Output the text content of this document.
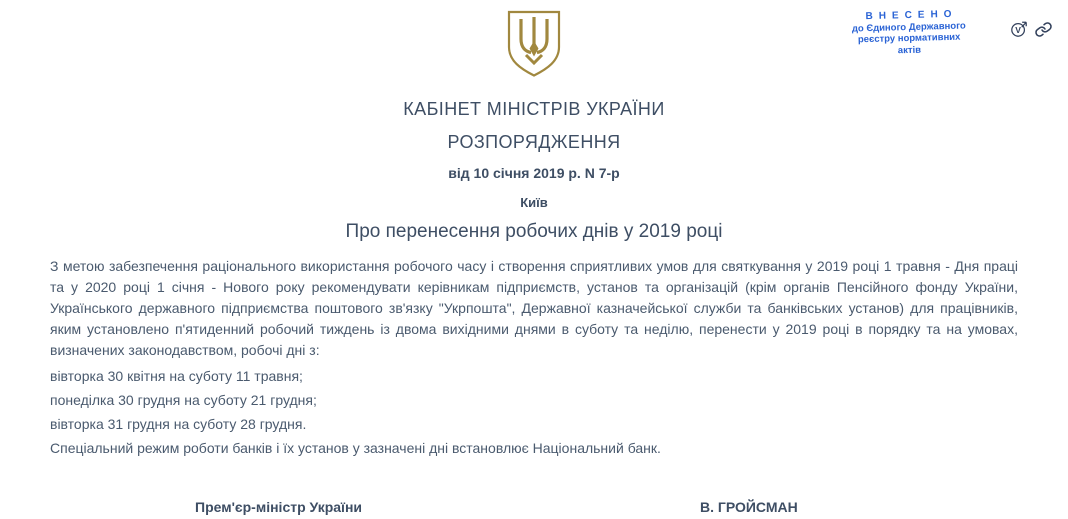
V
ВНЕСЕНО
до Єдиного Державного
реєстру нормативних
актів
КАБІНЕТ МІНІСТРІВ УКРАЇНИ
РОЗПОРЯДЖЕННЯ
від 10 січня 2019 р. N 7-р
Київ
Про перенесення робочих днів у 2019 році

З метою забезпечення раціонального використання робочого часу і створення сприятливих умов для святкування у 2019 році 1 травня - Дня праці та у 2020 році 1 січня - Нового року рекомендувати керівникам підприємств, установ та організацій (крім органів Пенсійного фонду України, Українського державного підприємства поштового зв'язку "Укрпошта", Державної казначейської служби та банківських установ) для працівників, яким установлено п'ятиденний робочий тиждень із двома вихідними днями в суботу та неділю, перенести у 2019 році в порядку та на умовах, визначених законодавством, робочі дні з:

вівторка 30 квітня на суботу 11 травня;

понеділка 30 грудня на суботу 21 грудня;

вівторка 31 грудня на суботу 28 грудня.

Спеціальний режим роботи банків і їх установ у зазначені дні встановлює Національний банк.

Прем'єр-міністр України	В. ГРОЙСМАН
